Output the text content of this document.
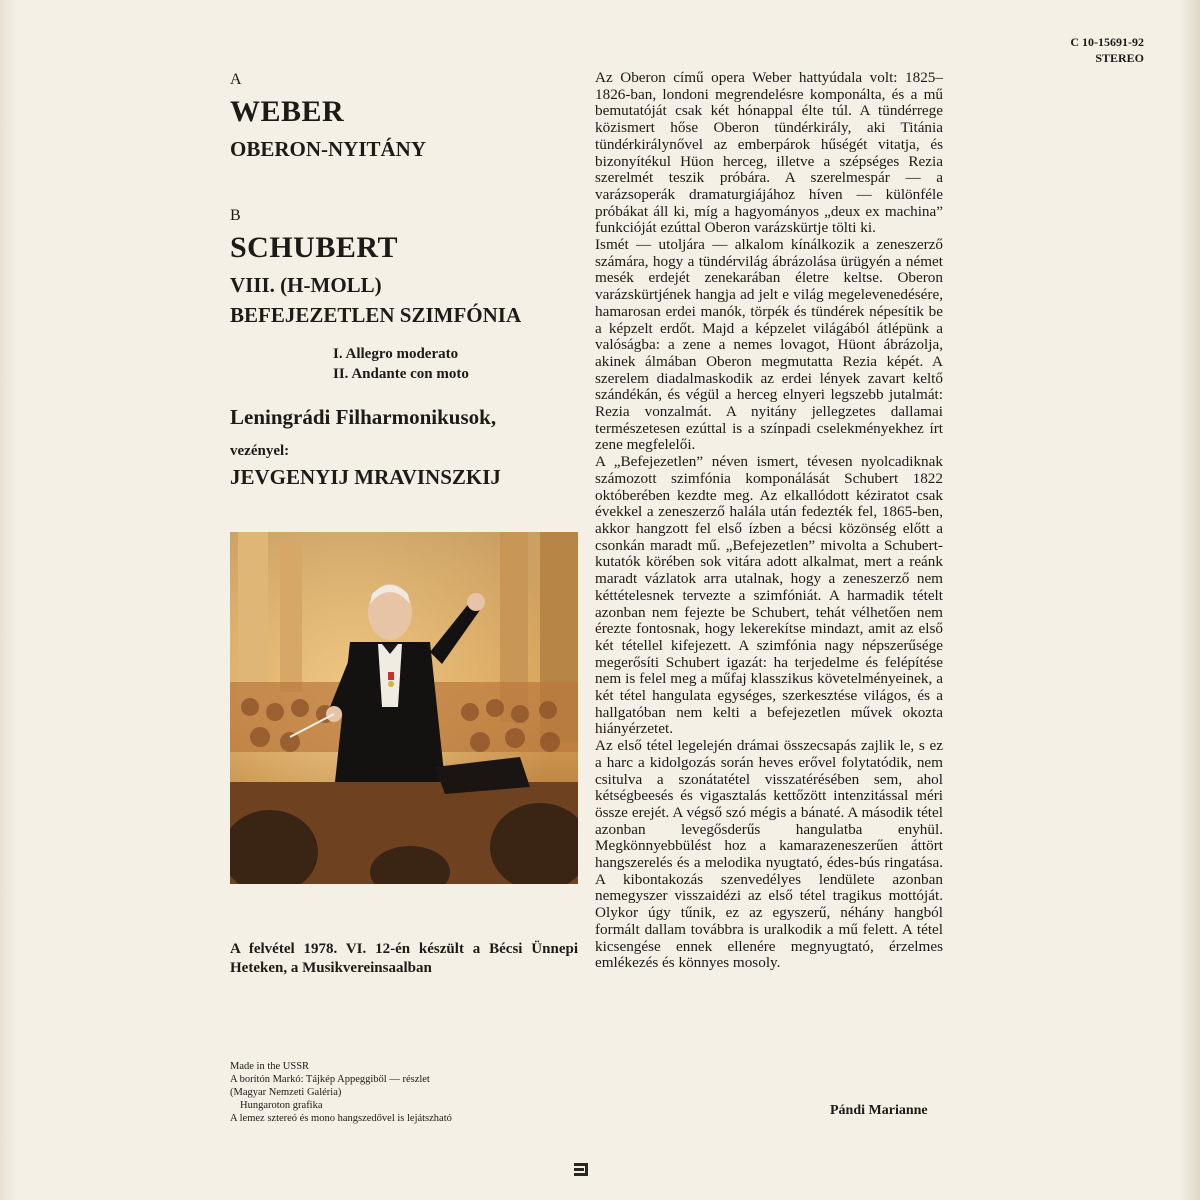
C 10-15691-92
STEREO

A

WEBER

OBERON-NYITÁNY

B

SCHUBERT

VIII. (H-MOLL)

BEFEJEZETLEN SZIMFÓNIA

I. Allegro moderato
II. Andante con moto
Leningrádi Filharmonikusok,
vezényel:
JEVGENYIJ MRAVINSZKIJ
A felvétel 1978. VI. 12-én készült a Bécsi Ünnepi Heteken, a Musikvereinsaalban
Made in the USSR
A borítón Markó: Tájkép Appeggiből — részlet
(Magyar Nemzeti Galéria)
Hungaroton grafika
A lemez sztereó és mono hangszedővel is lejátszható

Az Oberon című opera Weber hattyúdala volt: 1825–1826-ban, londoni megrendelésre komponálta, és a mű bemutatóját csak két hónappal élte túl. A tündérrege közismert hőse Oberon tündérkirály, aki Titánia tündérkirálynővel az emberpárok hűségét vitatja, és bizonyítékul Hüon herceg, illetve a szépséges Rezia szerelmét teszik próbára. A szerelmespár — a varázsoperák dramaturgiájához híven — különféle próbákat áll ki, míg a hagyományos „deux ex machina” funkcióját ezúttal Oberon varázskürtje tölti ki.

Ismét — utoljára — alkalom kínálkozik a zeneszerző számára, hogy a tündérvilág ábrázolása ürügyén a német mesék erdejét zenekarában életre keltse. Oberon varázskürtjének hangja ad jelt e világ megelevenedésére, hamarosan erdei manók, törpék és tündérek népesítik be a képzelt erdőt. Majd a képzelet világából átlépünk a valóságba: a zene a nemes lovagot, Hüont ábrázolja, akinek álmában Oberon megmutatta Rezia képét. A szerelem diadalmaskodik az erdei lények zavart keltő szándékán, és végül a herceg elnyeri legszebb jutalmát: Rezia vonzalmát. A nyitány jellegzetes dallamai természetesen ezúttal is a színpadi cselekményekhez írt zene megfelelői.

A „Befejezetlen” néven ismert, tévesen nyolcadiknak számozott szimfónia komponálását Schubert 1822 októberében kezdte meg. Az elkallódott kéziratot csak évekkel a zeneszerző halála után fedezték fel, 1865-ben, akkor hangzott fel első ízben a bécsi közönség előtt a csonkán maradt mű. „Befejezetlen” mivolta a Schubert-kutatók körében sok vitára adott alkalmat, mert a reánk maradt vázlatok arra utalnak, hogy a zeneszerző nem kéttételesnek tervezte a szimfóniát. A harmadik tételt azonban nem fejezte be Schubert, tehát vélhetően nem érezte fontosnak, hogy lekerekítse mindazt, amit az első két tétellel kifejezett. A szimfónia nagy népszerűsége megerősíti Schubert igazát: ha terjedelme és felépítése nem is felel meg a műfaj klasszikus követelményeinek, a két tétel hangulata egységes, szerkesztése világos, és a hallgatóban nem kelti a befejezetlen művek okozta hiányérzetet.

Az első tétel legelején drámai összecsapás zajlik le, s ez a harc a kidolgozás során heves erővel folytatódik, nem csitulva a szonátatétel visszatérésében sem, ahol kétségbeesés és vigasztalás kettőzött intenzitással méri össze erejét. A végső szó mégis a bánaté. A második tétel azonban levegősderűs hangulatba enyhül. Megkönnyebbülést hoz a kamarazeneszerűen áttört hangszerelés és a melodika nyugtató, édes-bús ringatása. A kibontakozás szenvedélyes lendülete azonban nemegyszer visszaidézi az első tétel tragikus mottóját. Olykor úgy tűnik, ez az egyszerű, néhány hangból formált dallam továbbra is uralkodik a mű felett. A tétel kicsengése ennek ellenére megnyugtató, érzelmes emlékezés és könnyes mosoly.

Pándi Marianne
